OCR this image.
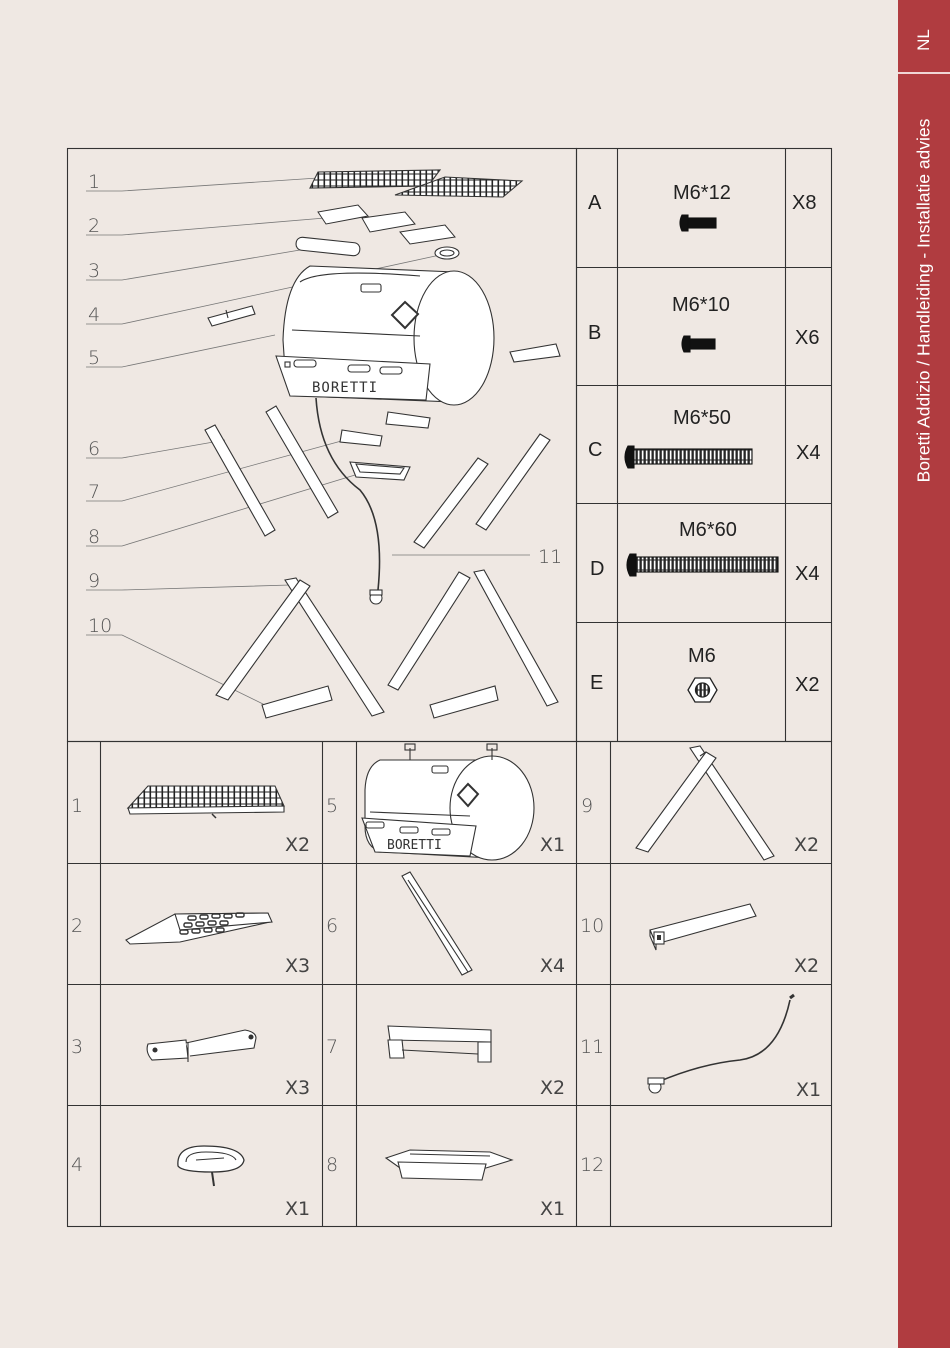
NL
Boretti Addizio / Handleiding - Installatie advies
1
2
3
4
5
6
7
8
9
10
11
BORETTI
A	M6*12	X8
B
M6*10
X6
C
M6*50
X4
D
M6*60
X4
E
M6
X2
1
X2
2
X3
3
X3
4
X1
5
X1
6
X4
7
X2
8
X1
9
X2
10
X2
11
X1
12
BORETTI
